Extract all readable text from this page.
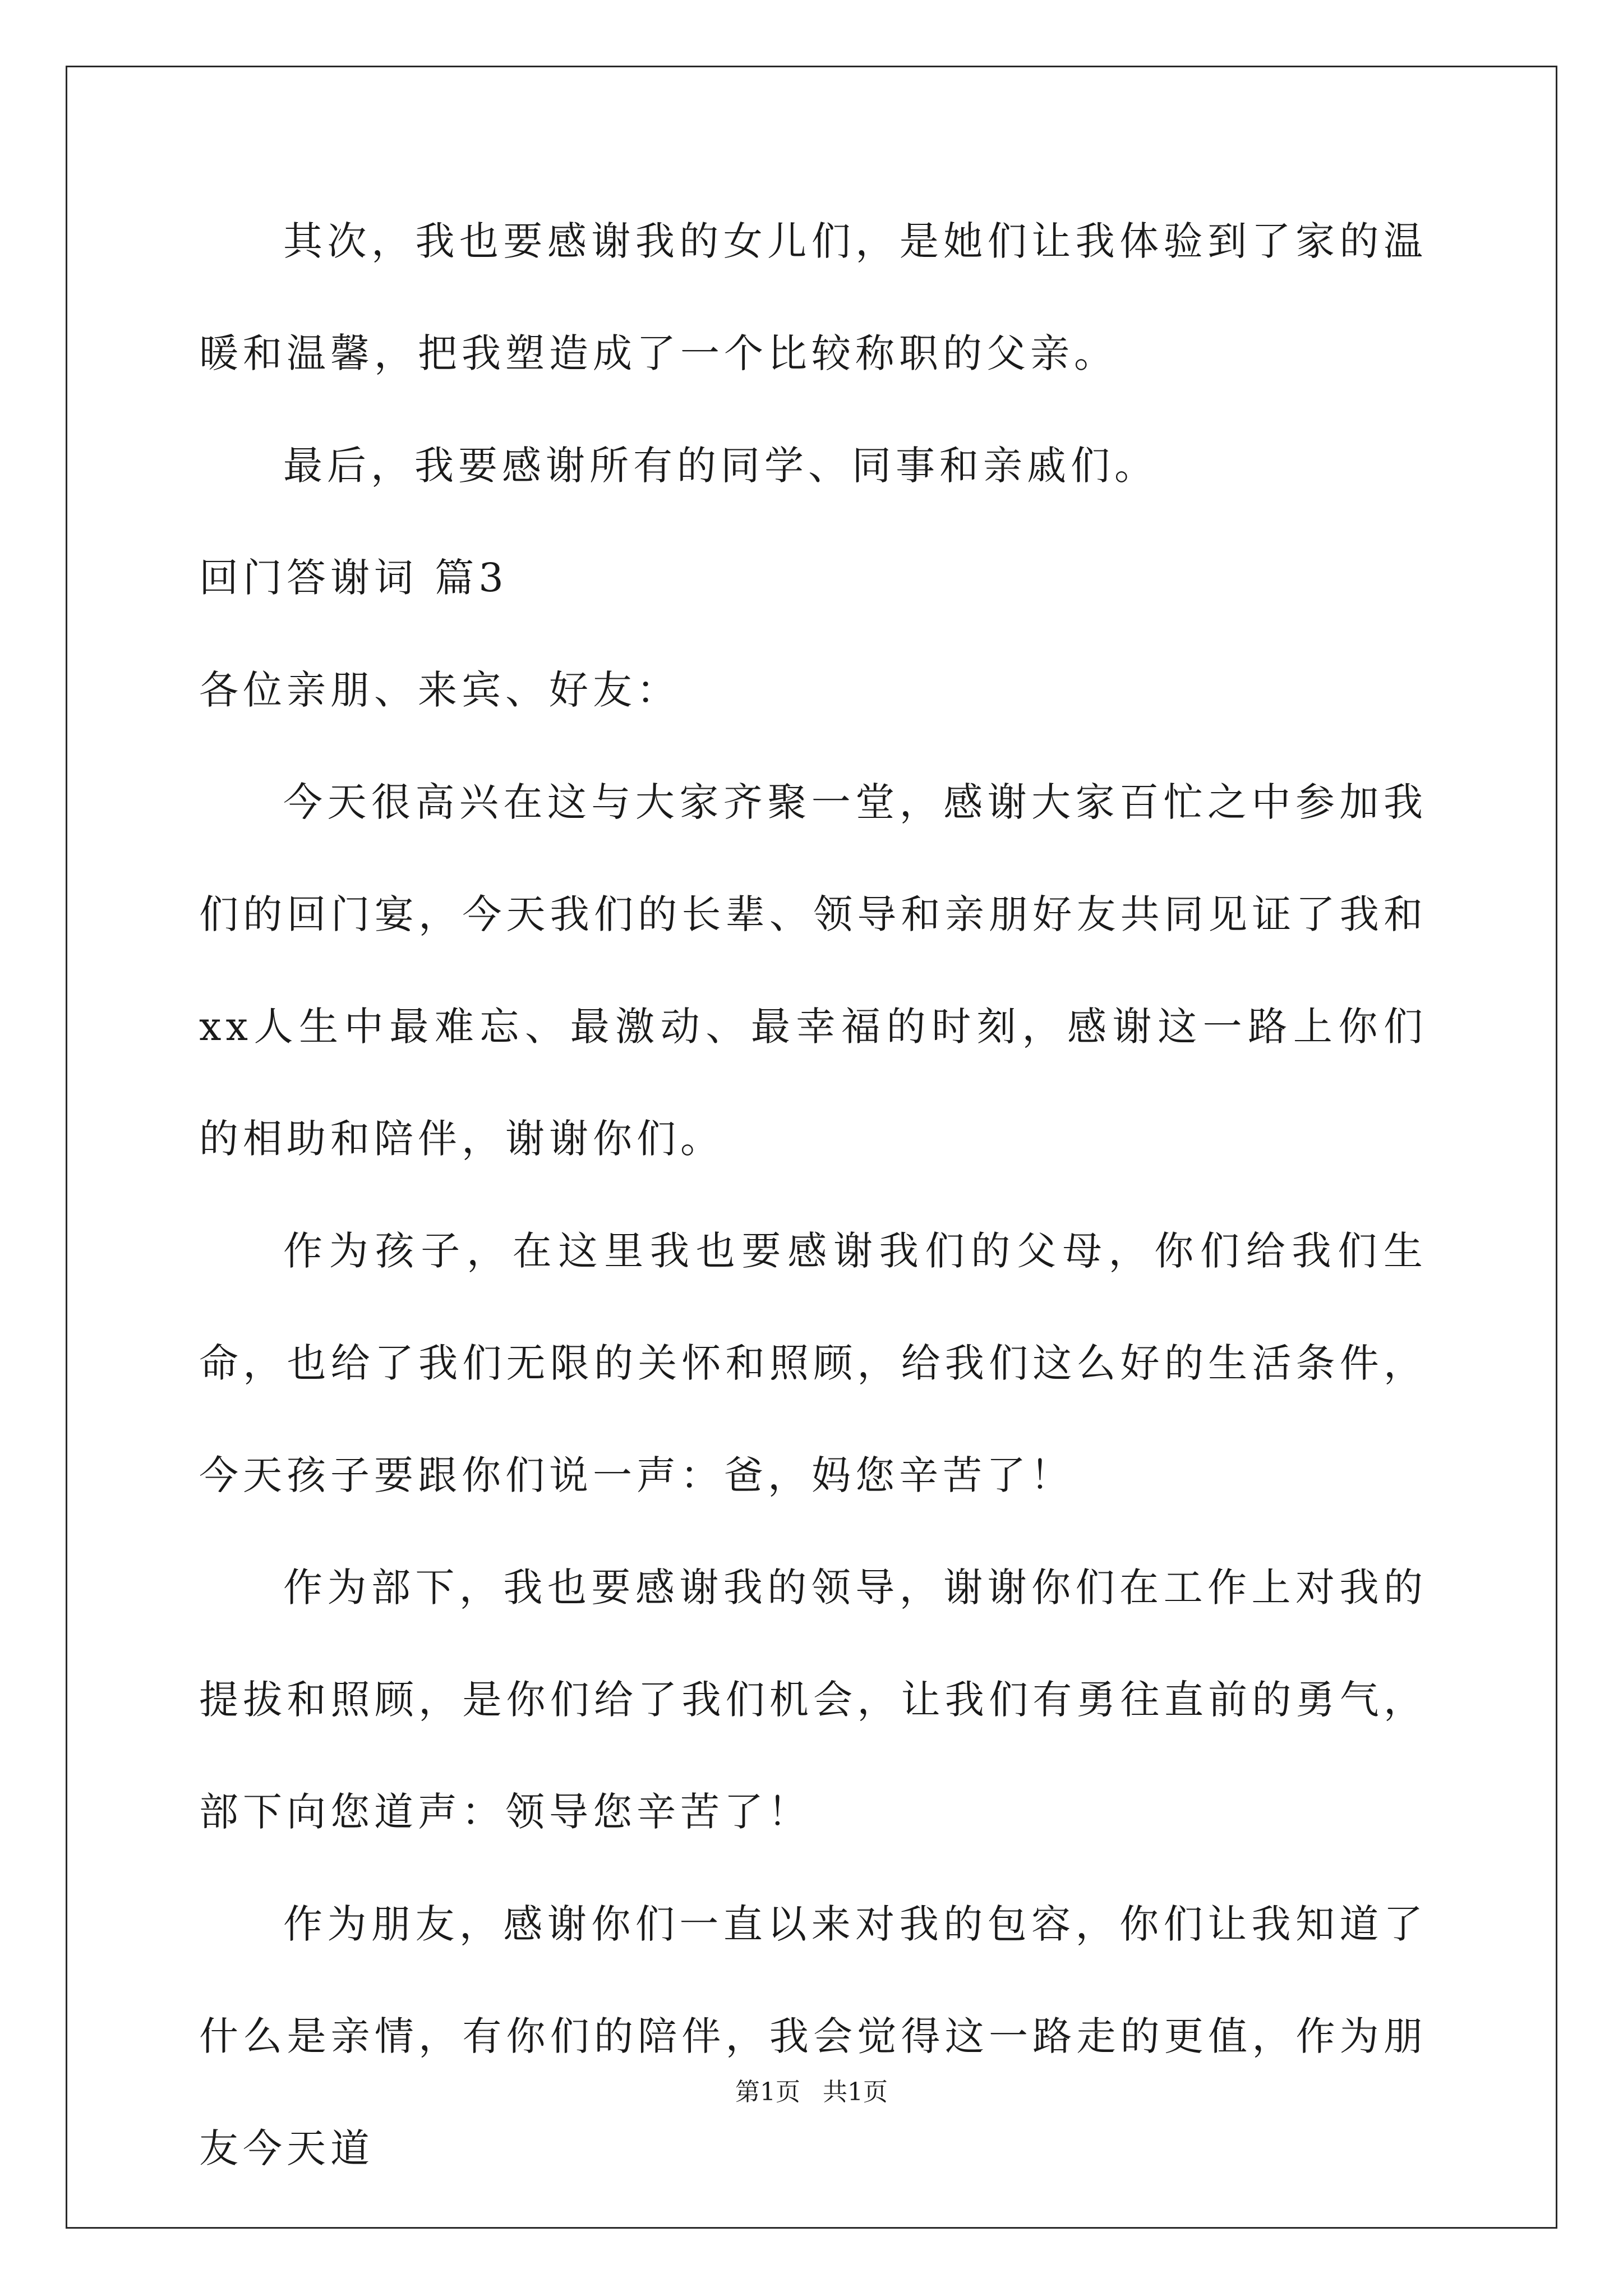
其次，我也要感谢我的女儿们，是她们让我体验到了家的温暖和温馨，把我塑造成了一个比较称职的父亲。

最后，我要感谢所有的同学、同事和亲戚们。

回门答谢词 篇3

各位亲朋、来宾、好友：

今天很高兴在这与大家齐聚一堂，感谢大家百忙之中参加我们的回门宴，今天我们的长辈、领导和亲朋好友共同见证了我和xx人生中最难忘、最激动、最幸福的时刻，感谢这一路上你们的相助和陪伴，谢谢你们。

作为孩子，在这里我也要感谢我们的父母，你们给我们生命，也给了我们无限的关怀和照顾，给我们这么好的生活条件，今天孩子要跟你们说一声：爸，妈您辛苦了！

作为部下，我也要感谢我的领导，谢谢你们在工作上对我的提拔和照顾，是你们给了我们机会，让我们有勇往直前的勇气，部下向您道声：领导您辛苦了！

作为朋友，感谢你们一直以来对我的包容，你们让我知道了什么是亲情，有你们的陪伴，我会觉得这一路走的更值，作为朋友今天道

第1页 共1页
